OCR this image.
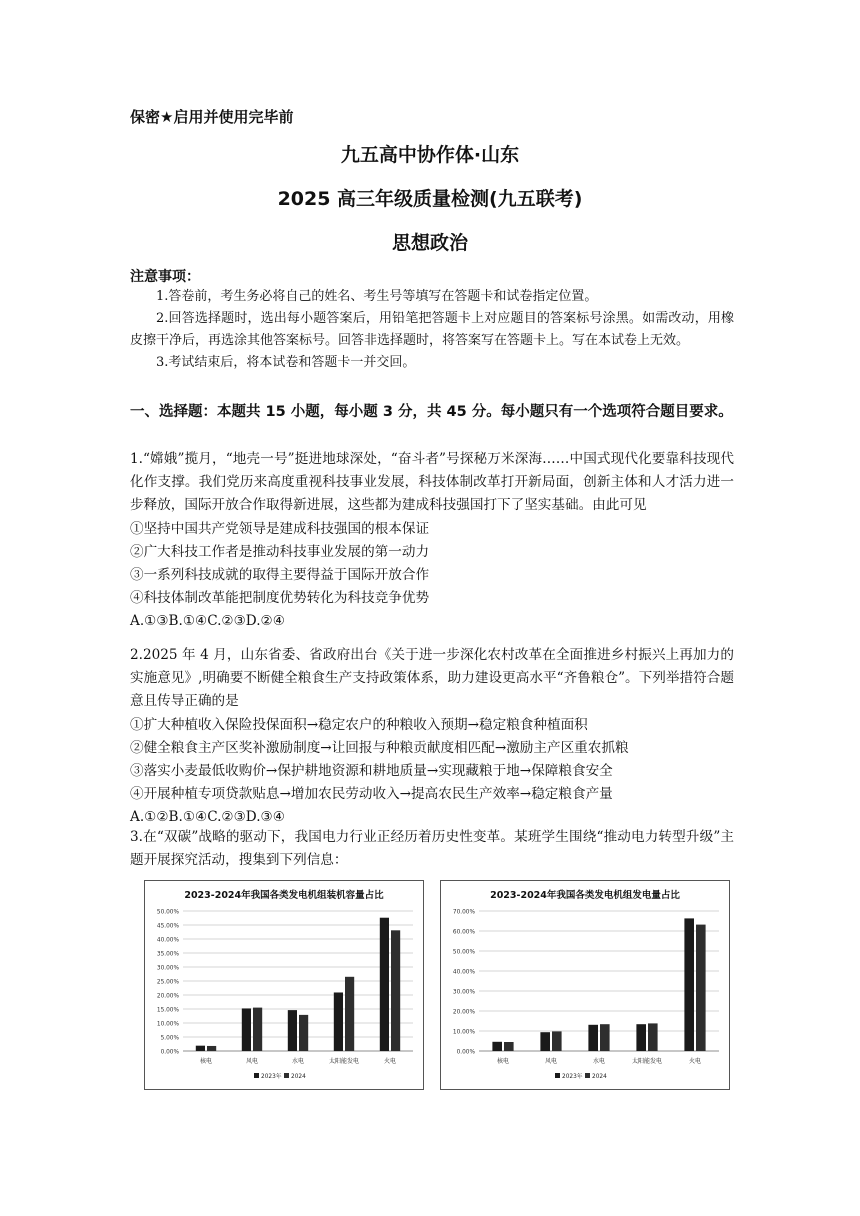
保密★启用并使用完毕前
九五高中协作体·山东
2025 高三年级质量检测(九五联考)
思想政治
注意事项：
1.答卷前，考生务必将自己的姓名、考生号等填写在答题卡和试卷指定位置。
2.回答选择题时，选出每小题答案后，用铅笔把答题卡上对应题目的答案标号涂黑。如需改动，用橡皮擦干净后，再选涂其他答案标号。回答非选择题时，将答案写在答题卡上。写在本试卷上无效。
3.考试结束后，将本试卷和答题卡一并交回。
一、选择题：本题共 15 小题，每小题 3 分，共 45 分。每小题只有一个选项符合题目要求。
1.“嫦娥”揽月，“地壳一号”挺进地球深处，“奋斗者”号探秘万米深海……中国式现代化要靠科技现代化作支撑。我们党历来高度重视科技事业发展，科技体制改革打开新局面，创新主体和人才活力进一步释放，国际开放合作取得新进展，这些都为建成科技强国打下了坚实基础。由此可见
①坚持中国共产党领导是建成科技强国的根本保证
②广大科技工作者是推动科技事业发展的第一动力
③一系列科技成就的取得主要得益于国际开放合作
④科技体制改革能把制度优势转化为科技竞争优势
A.①③B.①④C.②③D.②④
2.2025 年 4 月，山东省委、省政府出台《关于进一步深化农村改革在全面推进乡村振兴上再加力的实施意见》,明确要不断健全粮食生产支持政策体系，助力建设更高水平“齐鲁粮仓”。下列举措符合题意且传导正确的是
①扩大种植收入保险投保面积→稳定农户的种粮收入预期→稳定粮食种植面积
②健全粮食主产区奖补激励制度→让回报与种粮贡献度相匹配→激励主产区重农抓粮
③落实小麦最低收购价→保护耕地资源和耕地质量→实现藏粮于地→保障粮食安全
④开展种植专项贷款贴息→增加农民劳动收入→提高农民生产效率→稳定粮食产量
A.①②B.①④C.②③D.③④
3.在“双碳”战略的驱动下，我国电力行业正经历着历史性变革。某班学生围绕“推动电力转型升级”主题开展探究活动，搜集到下列信息：
2023-2024年我国各类发电机组装机容量占比
0.00%
5.00%
10.00%
15.00%
20.00%
25.00%
30.00%
35.00%
40.00%
45.00%
50.00%
核电	风电	水电	太阳能发电	火电
2023年 2024
2023-2024年我国各类发电机组发电量占比
0.00%
10.00%
20.00%
30.00%
40.00%
50.00%
60.00%
70.00%
核电	风电	水电	太阳能发电	火电
2023年 2024
